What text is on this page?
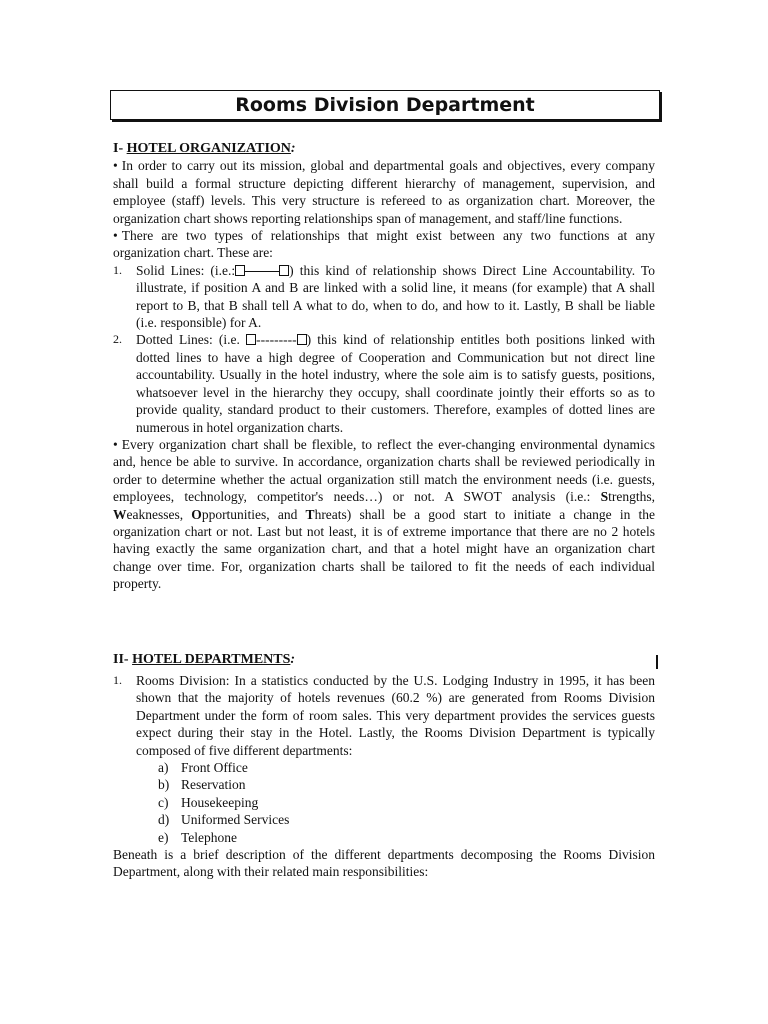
Rooms Division Department

I- HOTEL ORGANIZATION:

• In order to carry out its mission, global and departmental goals and objectives, every company shall build a formal structure depicting different hierarchy of management, supervision, and employee (staff) levels. This very structure is refereed to as organization chart. Moreover, the organization chart shows reporting relationships span of management, and staff/line functions.

• There are two types of relationships that might exist between any two functions at any organization chart. These are:

1. Solid Lines: (i.e.:	) this kind of relationship shows Direct Line Accountability. To illustrate, if position A and B are linked with a solid line, it means (for example) that A shall report to B, that B shall tell A what to do, when to do, and how to it. Lastly, B shall be liable (i.e. responsible) for A.
2. Dotted Lines: (i.e. --------- ) this kind of relationship entitles both positions linked with dotted lines to have a high degree of Cooperation and Communication but not direct line accountability. Usually in the hotel industry, where the sole aim is to satisfy guests, positions, whatsoever level in the hierarchy they occupy, shall coordinate jointly their efforts so as to provide quality, standard product to their customers. Therefore, examples of dotted lines are numerous in hotel organization charts.

• Every organization chart shall be flexible, to reflect the ever-changing environmental dynamics and, hence be able to survive. In accordance, organization charts shall be reviewed periodically in order to determine whether the actual organization still match the environment needs (i.e. guests, employees, technology, competitor's needs…) or not. A SWOT analysis (i.e.: Strengths, Weaknesses, Opportunities, and Threats) shall be a good start to initiate a change in the organization chart or not. Last but not least, it is of extreme importance that there are no 2 hotels having exactly the same organization chart, and that a hotel might have an organization chart change over time. For, organization charts shall be tailored to fit the needs of each individual property.

II- HOTEL DEPARTMENTS:
1. Rooms Division: In a statistics conducted by the U.S. Lodging Industry in 1995, it has been shown that the majority of hotels revenues (60.2 %) are generated from Rooms Division Department under the form of room sales. This very department provides the services guests expect during their stay in the Hotel. Lastly, the Rooms Division Department is typically composed of five different departments:
a) Front Office
b) Reservation
c) Housekeeping
d) Uniformed Services
e) Telephone

Beneath is a brief description of the different departments decomposing the Rooms Division Department, along with their related main responsibilities:
